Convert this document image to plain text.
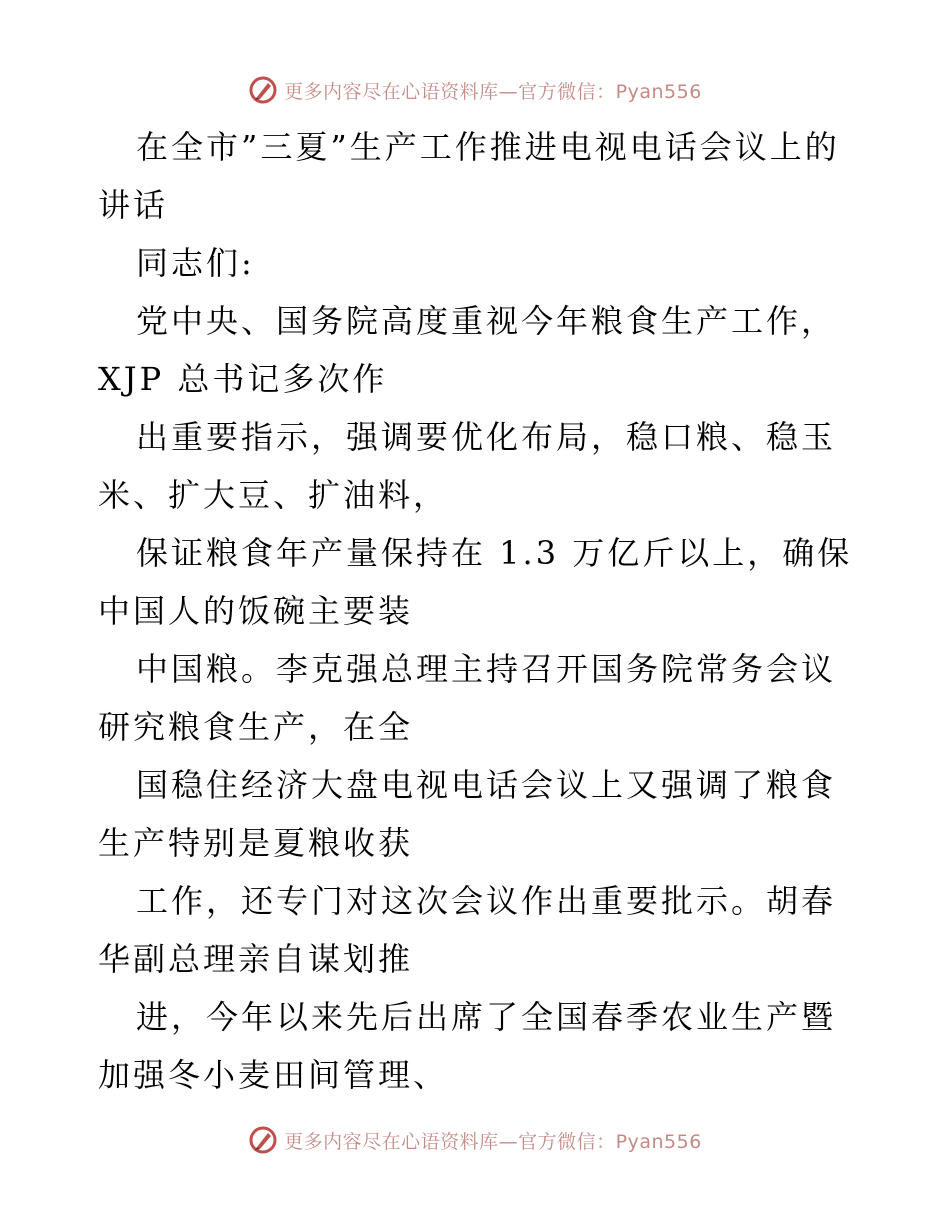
更多内容尽在心语资料库—官方微信：Pyan556

在全市”三夏”生产工作推进电视电话会议上的讲话

同志们:

党中央、国务院高度重视今年粮食生产工作，XJP 总书记多次作

出重要指示，强调要优化布局，稳口粮、稳玉米、扩大豆、扩油料，

保证粮食年产量保持在 1.3 万亿斤以上，确保中国人的饭碗主要装

中国粮。李克强总理主持召开国务院常务会议研究粮食生产，在全

国稳住经济大盘电视电话会议上又强调了粮食生产特别是夏粮收获

工作，还专门对这次会议作出重要批示。胡春华副总理亲自谋划推

进，今年以来先后出席了全国春季农业生产暨加强冬小麦田间管理、

更多内容尽在心语资料库—官方微信：Pyan556
